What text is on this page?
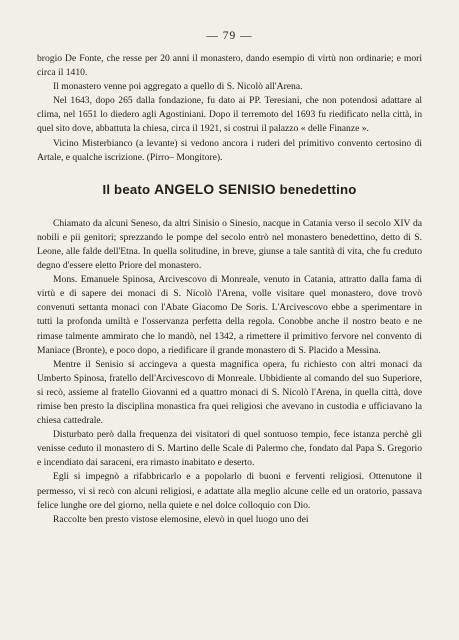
— 79 —

brogio De Fonte, che resse per 20 anni il monastero, dando esempio di virtù non ordinarie; e morì circa il 1410.

Il monastero venne poi aggregato a quello di S. Nicolò all'Arena.

Nel 1643, dopo 265 dalla fondazione, fu dato ai PP. Teresiani, che non potendosi adattare al clima, nel 1651 lo diedero agli Agostiniani. Dopo il terremoto del 1693 fu riedificato nella città, in quel sito dove, abbattuta la chiesa, circa il 1921, si costruì il palazzo « delle Finanze ».

Vicino Misterbianco (a levante) si vedono ancora i ruderi del primitivo convento certosino di Artale, e qualche iscrizione. (Pirro– Mongitore).

Il beato ANGELO SENISIO benedettino

Chiamato da alcuni Seneso, da altri Sinisio o Sinesio, nacque in Catania verso il secolo XIV da nobili e pii genitori; sprezzando le pompe del secolo entrò nel monastero benedettino, detto di S. Leone, alle falde dell'Etna. In quella solitudine, in breve, giunse a tale santità di vita, che fu creduto degno d'essere eletto Priore del monastero.

Mons. Emanuele Spinosa, Arcivescovo di Monreale, venuto in Catania, attratto dalla fama di virtù e di sapere dei monaci di S. Nicolò l'Arena, volle visitare quel monastero, dove trovò convenuti settanta monaci con l'Abate Giacomo De Soris. L'Arcivescovo ebbe a sperimentare in tutti la profonda umiltà e l'osservanza perfetta della regola. Conobbe anche il nostro beato e ne rimase talmente ammirato che lo mandò, nel 1342, a rimettere il primitivo fervore nel convento di Maniace (Bronte), e poco dopo, a riedificare il grande monastero di S. Placido a Messina.

Mentre il Senisio si accingeva a questa magnifica opera, fu richiesto con altri monaci da Umberto Spinosa, fratello dell'Arcivescovo di Monreale. Ubbidiente al comando del suo Superiore, si recò, assieme al fratello Giovanni ed a quattro monaci di S. Nicolò l'Arena, in quella città, dove rimise ben presto la disciplina monastica fra quei religiosi che avevano in custodia e ufficiavano la chiesa cattedrale.

Disturbato però dalla frequenza dei visitatori di quel sontuoso tempio, fece istanza perchè gli venisse ceduto il monastero di S. Martino delle Scale di Palermo che, fondato dal Papa S. Gregorio e incendiato dai saraceni, era rimasto inabitato e deserto.

Egli si impegnò a rifabbricarlo e a popolarlo di buoni e ferventi religiosi. Ottenutone il permesso, vi si recò con alcuni religiosi, e adattate alla meglio alcune celle ed un oratorio, passava felice lunghe ore del giorno, nella quiete e nel dolce colloquio con Dio.

Raccolte ben presto vistose elemosine, elevò in quel luogo uno dei
